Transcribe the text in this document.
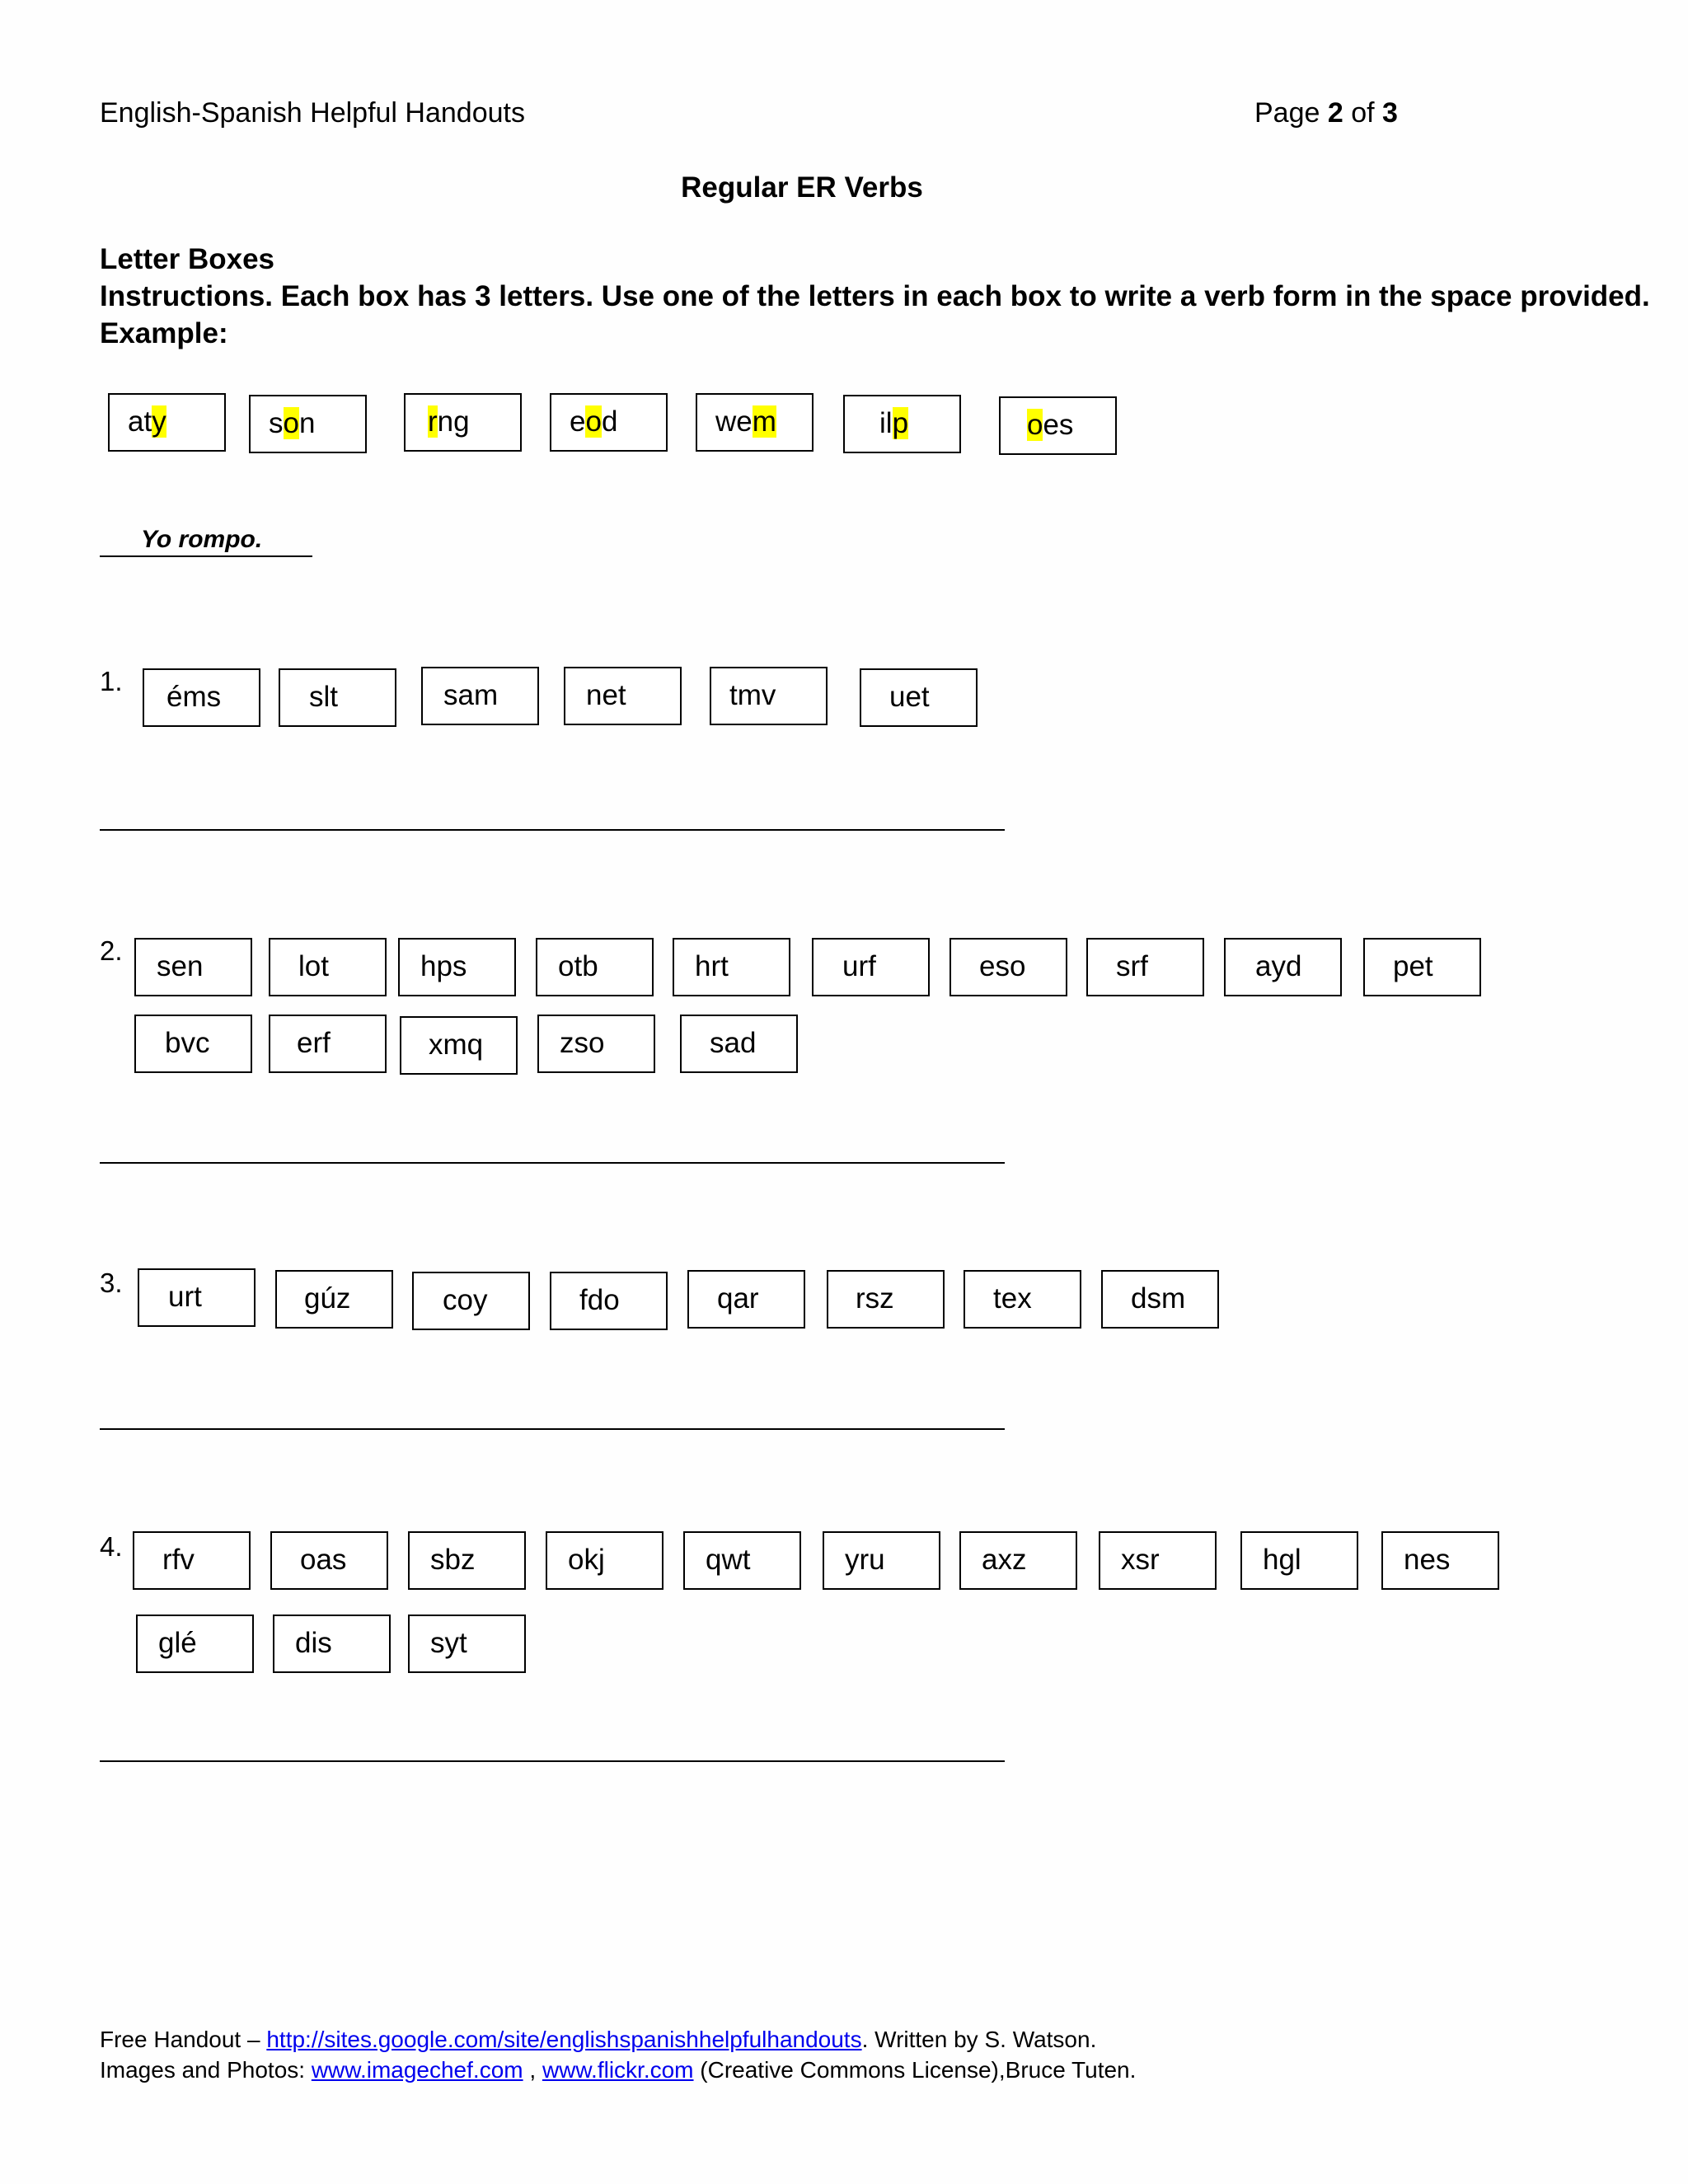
English-Spanish Helpful Handouts	Page 2 of 3
Regular ER Verbs
Letter Boxes
Instructions. Each box has 3 letters. Use one of the letters in each box to write a verb form in the space provided.
Example:
aty	son	rng	eod	wem	ilp	oes
Yo rompo.
1.	éms	slt	sam	net	tmv	uet
2.	sen	lot	hps	otb	hrt	urf	eso	srf	ayd	pet
bvc	erf	xmq	zso	sad
3.	urt	gúz	coy	fdo	qar	rsz	tex	dsm
4.	rfv	oas	sbz	okj	qwt	yru	axz	xsr	hgl	nes
glé	dis	syt
Free Handout – http://sites.google.com/site/englishspanishhelpfulhandouts. Written by S. Watson.
Images and Photos: www.imagechef.com , www.flickr.com (Creative Commons License),Bruce Tuten.
